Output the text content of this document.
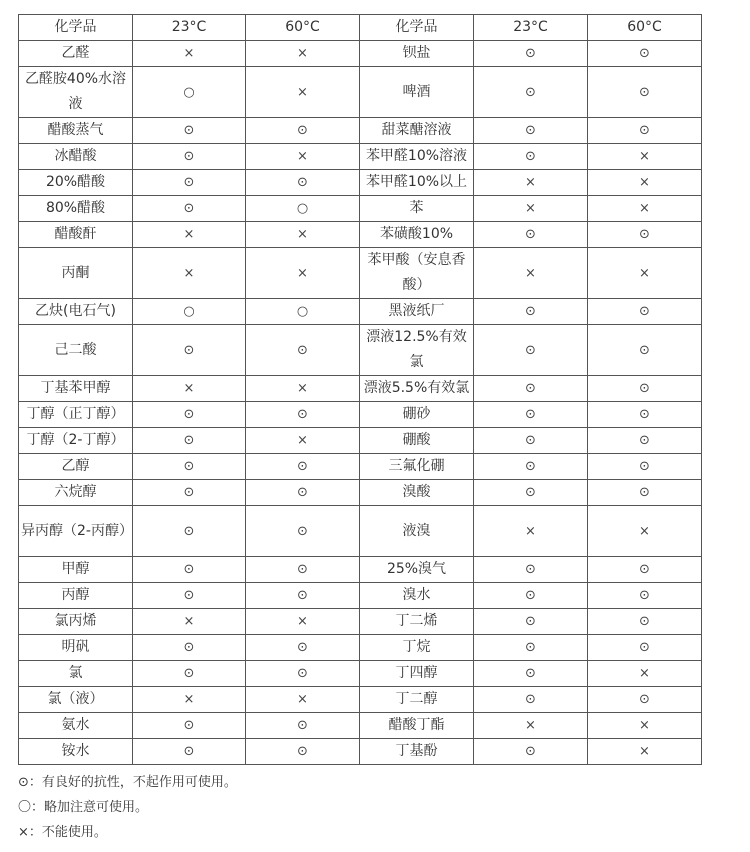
化学品	23°C	60°C	化学品	23°C	60°C
乙醛	×	×	钡盐	⊙	⊙
乙醛胺40%水溶液	○	×	啤酒	⊙	⊙
醋酸蒸气	⊙	⊙	甜菜醣溶液	⊙	⊙
冰醋酸	⊙	×	苯甲醛10%溶液	⊙	×
20%醋酸	⊙	⊙	苯甲醛10%以上	×	×
80%醋酸	⊙	○	苯	×	×
醋酸酐	×	×	苯磺酸10%	⊙	⊙
丙酮	×	×	苯甲酸（安息香酸）	×	×
乙炔(电石气)	○	○	黑液纸厂	⊙	⊙
己二酸	⊙	⊙	漂液12.5%有效氯	⊙	⊙
丁基苯甲醇	×	×	漂液5.5%有效氯	⊙	⊙
丁醇（正丁醇）	⊙	⊙	硼砂	⊙	⊙
丁醇（2-丁醇）	⊙	×	硼酸	⊙	⊙
乙醇	⊙	⊙	三氟化硼	⊙	⊙
六烷醇	⊙	⊙	溴酸	⊙	⊙
异丙醇（2-丙醇）	⊙	⊙	液溴	×	×
甲醇	⊙	⊙	25%溴气	⊙	⊙
丙醇	⊙	⊙	溴水	⊙	⊙
氯丙烯	×	×	丁二烯	⊙	⊙
明矾	⊙	⊙	丁烷	⊙	⊙
氯	⊙	⊙	丁四醇	⊙	×
氯（液）	×	×	丁二醇	⊙	⊙
氨水	⊙	⊙	醋酸丁酯	×	×
铵水	⊙	⊙	丁基酚	⊙	×
⊙：有良好的抗性，不起作用可使用。
〇：略加注意可使用。
×：不能使用。
